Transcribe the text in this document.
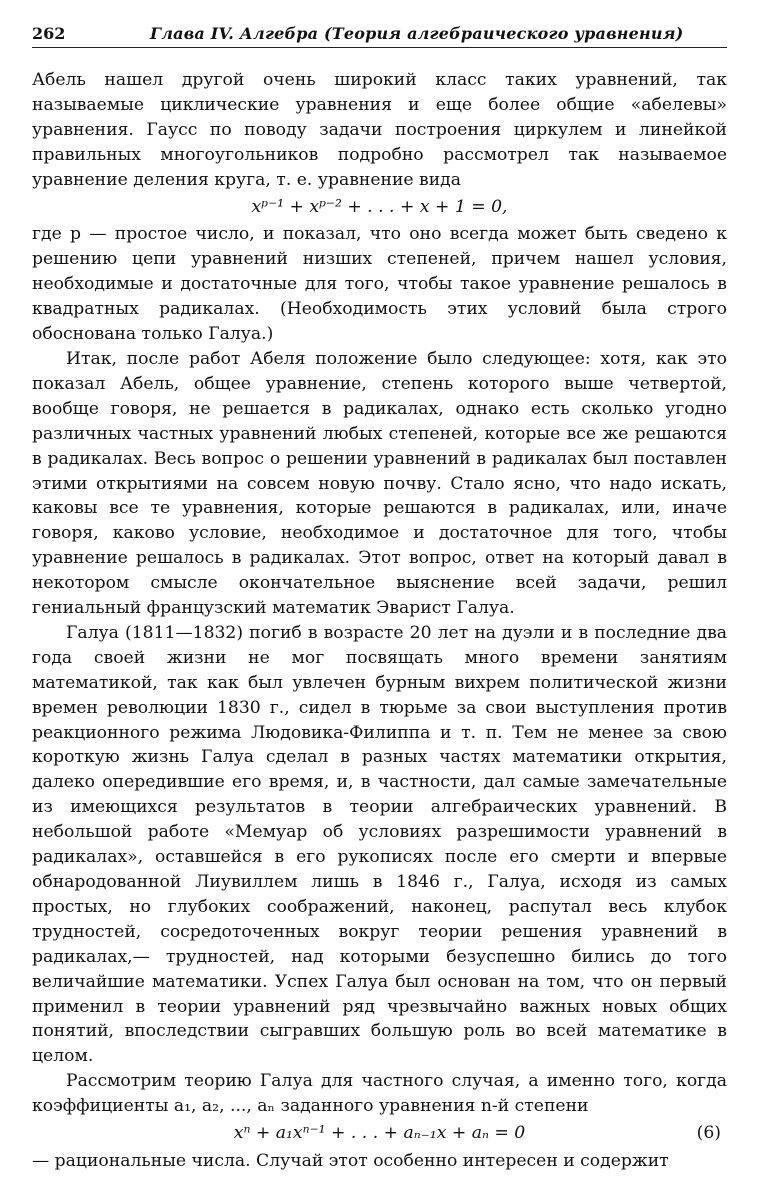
262	Глава IV. Алгебра (Теория алгебраического уравнения)

Абель нашел другой очень широкий класс таких уравнений, так называемые циклические уравнения и еще более общие «абелевы» уравнения. Гаусс по поводу задачи построения циркулем и линейкой правильных многоугольников подробно рассмотрел так называемое уравнение деления круга, т. е. уравнение вида

xᵖ⁻¹ + xᵖ⁻² + . . . + x + 1 = 0,

где p — простое число, и показал, что оно всегда может быть сведено к решению цепи уравнений низших степеней, причем нашел условия, необходимые и достаточные для того, чтобы такое уравнение решалось в квадратных радикалах. (Необходимость этих условий была строго обоснована только Галуа.)

Итак, после работ Абеля положение было следующее: хотя, как это показал Абель, общее уравнение, степень которого выше четвертой, вообще говоря, не решается в радикалах, однако есть сколько угодно различных частных уравнений любых степеней, которые все же решаются в радикалах. Весь вопрос о решении уравнений в радикалах был поставлен этими открытиями на совсем новую почву. Стало ясно, что надо искать, каковы все те уравнения, которые решаются в радикалах, или, иначе говоря, каково условие, необходимое и достаточное для того, чтобы уравнение решалось в радикалах. Этот вопрос, ответ на который давал в некотором смысле окончательное выяснение всей задачи, решил гениальный французский математик Эварист Галуа.

Галуа (1811—1832) погиб в возрасте 20 лет на дуэли и в последние два года своей жизни не мог посвящать много времени занятиям математикой, так как был увлечен бурным вихрем политической жизни времен революции 1830 г., сидел в тюрьме за свои выступления против реакционного режима Людовика-Филиппа и т. п. Тем не менее за свою короткую жизнь Галуа сделал в разных частях математики открытия, далеко опередившие его время, и, в частности, дал самые замечательные из имеющихся результатов в теории алгебраических уравнений. В небольшой работе «Мемуар об условиях разрешимости уравнений в радикалах», оставшейся в его рукописях после его смерти и впервые обнародованной Лиувиллем лишь в 1846 г., Галуа, исходя из самых простых, но глубоких соображений, наконец, распутал весь клубок трудностей, сосредоточенных вокруг теории решения уравнений в радикалах,— трудностей, над которыми безуспешно бились до того величайшие математики. Успех Галуа был основан на том, что он первый применил в теории уравнений ряд чрезвычайно важных новых общих понятий, впоследствии сыгравших большую роль во всей математике в целом.

Рассмотрим теорию Галуа для частного случая, а именно того, когда коэффициенты a₁, a₂, ..., aₙ заданного уравнения n-й степени

xⁿ + a₁xⁿ⁻¹ + . . . + aₙ₋₁x + aₙ = 0	(6)

— рациональные числа. Случай этот особенно интересен и содержит
